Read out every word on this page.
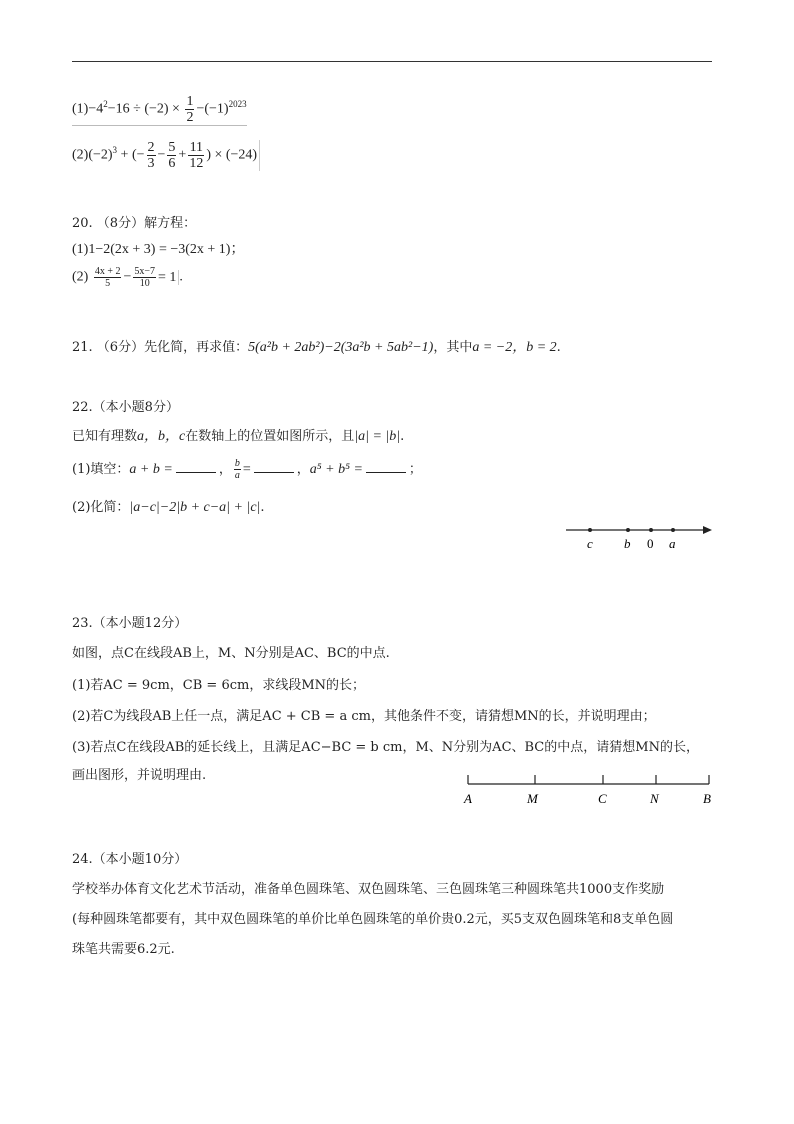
$(1)-4^2-16 \div (-2) \times \frac{1}{2} -(-1)^{2023}$
$(2)(-2)^3$ + (− $\frac{2}{3} - \frac{5}{6} + \frac{11}{12}$ ) × (−24)
20. （8分）解方程：
(1)1−2(2x + 3) = −3(2x + 1)；
$(2) \frac{4x + 2}{5} - \frac{5x-7}{10} = 1$ .
21. （6分）先化简，再求值：5(a²b + 2ab²)−2(3a²b + 5ab²−1)，其中a = −2，b = 2.
22.（本小题8分）
已知有理数a，b，c在数轴上的位置如图所示，且|a| = |b|.
(1)填空：a + b =	， $\frac{b}{a}$ =	，a⁵ + b⁵ =	；
(2)化简：|a−c|−2|b + c−a| + |c|.
c b 0 a
23.（本小题12分）
如图，点C在线段AB上，M、N分别是AC、BC的中点.
(1)若AC = 9cm，CB = 6cm，求线段MN的长；
(2)若C为线段AB上任一点，满足AC + CB = a cm，其他条件不变，请猜想MN的长，并说明理由；
(3)若点C在线段AB的延长线上，且满足AC−BC = b cm，M、N分别为AC、BC的中点，请猜想MN的长，
画出图形，并说明理由.
A	M	C	N	B
24.（本小题10分）
学校举办体育文化艺术节活动，准备单色圆珠笔、双色圆珠笔、三色圆珠笔三种圆珠笔共1000支作奖励
(每种圆珠笔都要有，其中双色圆珠笔的单价比单色圆珠笔的单价贵0.2元，买5支双色圆珠笔和8支单色圆
珠笔共需要6.2元.
